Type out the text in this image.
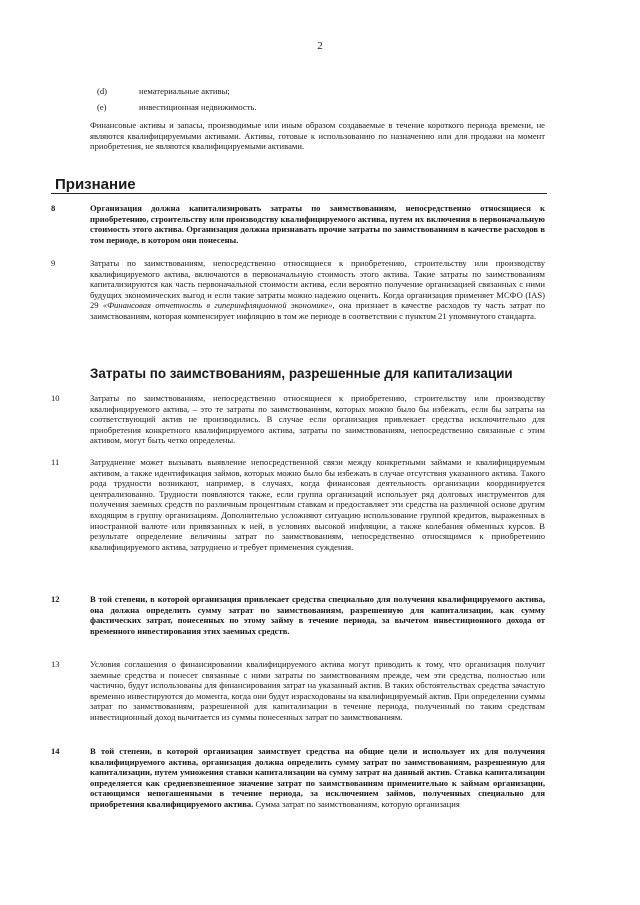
2
(d)	нематериальные активы;
(e)	инвестиционная недвижимость.
Финансовые активы и запасы, производимые или иным образом создаваемые в течение короткого периода времени, не являются квалифицируемыми активами. Активы, готовые к использованию по назначению или для продажи на момент приобретения, не являются квалифицируемыми активами.
Признание
8	Организация должна капитализировать затраты по заимствованиям, непосредственно относящиеся к приобретению, строительству или производству квалифицируемого актива, путем их включения в первоначальную стоимость этого актива. Организация должна признавать прочие затраты по заимствованиям в качестве расходов в том периоде, в котором они понесены.
9	Затраты по заимствованиям, непосредственно относящиеся к приобретению, строительству или производству квалифицируемого актива, включаются в первоначальную стоимость этого актива. Такие затраты по заимствованиям капитализируются как часть первоначальной стоимости актива, если вероятно получение организацией связанных с ними будущих экономических выгод и если такие затраты можно надежно оценить. Когда организация применяет МСФО (IAS) 29 «Финансовая отчетность в гиперинфляционной экономике», она признает в качестве расходов ту часть затрат по заимствованиям, которая компенсирует инфляцию в том же периоде в соответствии с пунктом 21 упомянутого стандарта.
Затраты по заимствованиям, разрешенные для капитализации
10	Затраты по заимствованиям, непосредственно относящиеся к приобретению, строительству или производству квалифицируемого актива, – это те затраты по заимствованиям, которых можно было бы избежать, если бы затраты на соответствующий актив не производились. В случае если организация привлекает средства исключительно для приобретения конкретного квалифицируемого актива, затраты по заимствованиям, непосредственно связанные с этим активом, могут быть четко определены.
11	Затруднение может вызывать выявление непосредственной связи между конкретными займами и квалифицируемым активом, а также идентификация займов, которых можно было бы избежать в случае отсутствия указанного актива. Такого рода трудности возникают, например, в случаях, когда финансовая деятельность организации координируется централизованно. Трудности появляются также, если группа организаций использует ряд долговых инструментов для получения заемных средств по различным процентным ставкам и предоставляет эти средства на различной основе другим входящим в группу организациям. Дополнительно усложняют ситуацию использование группой кредитов, выраженных в иностранной валюте или привязанных к ней, в условиях высокой инфляции, а также колебания обменных курсов. В результате определение величины затрат по заимствованиям, непосредственно относящимся к приобретению квалифицируемого актива, затруднено и требует применения суждения.
12	В той степени, в которой организация привлекает средства специально для получения квалифицируемого актива, она должна определить сумму затрат по заимствованиям, разрешенную для капитализации, как сумму фактических затрат, понесенных по этому займу в течение периода, за вычетом инвестиционного дохода от временного инвестирования этих заемных средств.
13	Условия соглашения о финансировании квалифицируемого актива могут приводить к тому, что организация получит заемные средства и понесет связанные с ними затраты по заимствованиям прежде, чем эти средства, полностью или частично, будут использованы для финансирования затрат на указанный актив. В таких обстоятельствах средства зачастую временно инвестируются до момента, когда они будут израсходованы на квалифицируемый актив. При определении суммы затрат по заимствованиям, разрешенной для капитализации в течение периода, полученный по таким средствам инвестиционный доход вычитается из суммы понесенных затрат по заимствованиям.
14	В той степени, в которой организация заимствует средства на общие цели и использует их для получения квалифицируемого актива, организация должна определить сумму затрат по заимствованиям, разрешенную для капитализации, путем умножения ставки капитализации на сумму затрат на данный актив. Ставка капитализации определяется как средневзвешенное значение затрат по заимствованиям применительно к займам организации, остающимся непогашенными в течение периода, за исключением займов, полученных специально для приобретения квалифицируемого актива. Сумма затрат по заимствованиям, которую организация
